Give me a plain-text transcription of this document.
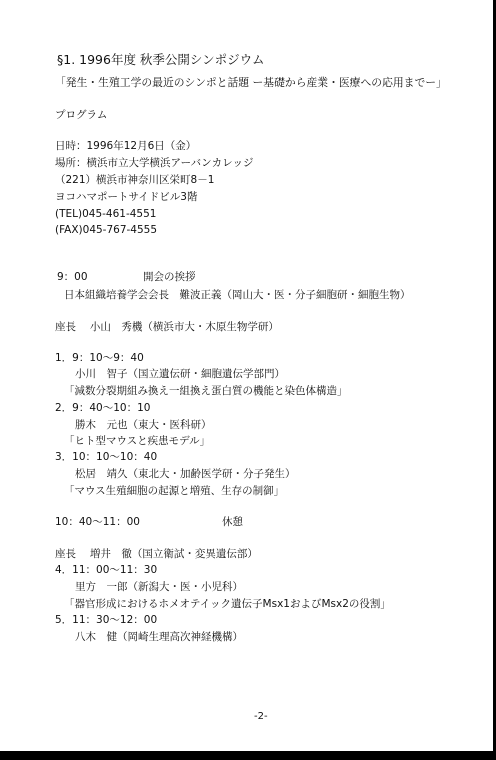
§1. 1996年度 秋季公開シンポジウム
「発生・生殖工学の最近のシンポと話題 ー基礎から産業・医療への応用までー」
プログラム
日時：1996年12月6日（金）
場所：横浜市立大学横浜アーバンカレッジ
（221）横浜市神奈川区栄町8－1
ヨコハマポートサイドビル3階
(TEL)045-461-4551
(FAX)045-767-4555
9：00	開会の挨拶
日本組織培養学会会長　難波正義（岡山大・医・分子細胞研・細胞生物）
座長　 小山　秀機（横浜市大・木原生物学研）
1．9：10～9：40
小川　智子（国立遺伝研・細胞遺伝学部門）
「減数分裂期組み換え一組換え蛋白質の機能と染色体構造」
2．9：40～10：10
勝木　元也（東大・医科研）
「ヒト型マウスと疾患モデル」
3．10：10～10：40
松居　靖久（東北大・加齢医学研・分子発生）
「マウス生殖細胞の起源と増殖、生存の制御」
10：40～11：00	休憩
座長　 増井　徹（国立衛試・変異遺伝部）
4．11：00～11：30
里方　一郎（新潟大・医・小児科）
「器官形成におけるホメオテイック遺伝子Msx1およびMsx2の役割」
5．11：30～12：00
八木　健（岡崎生理高次神経機構）
-2-
